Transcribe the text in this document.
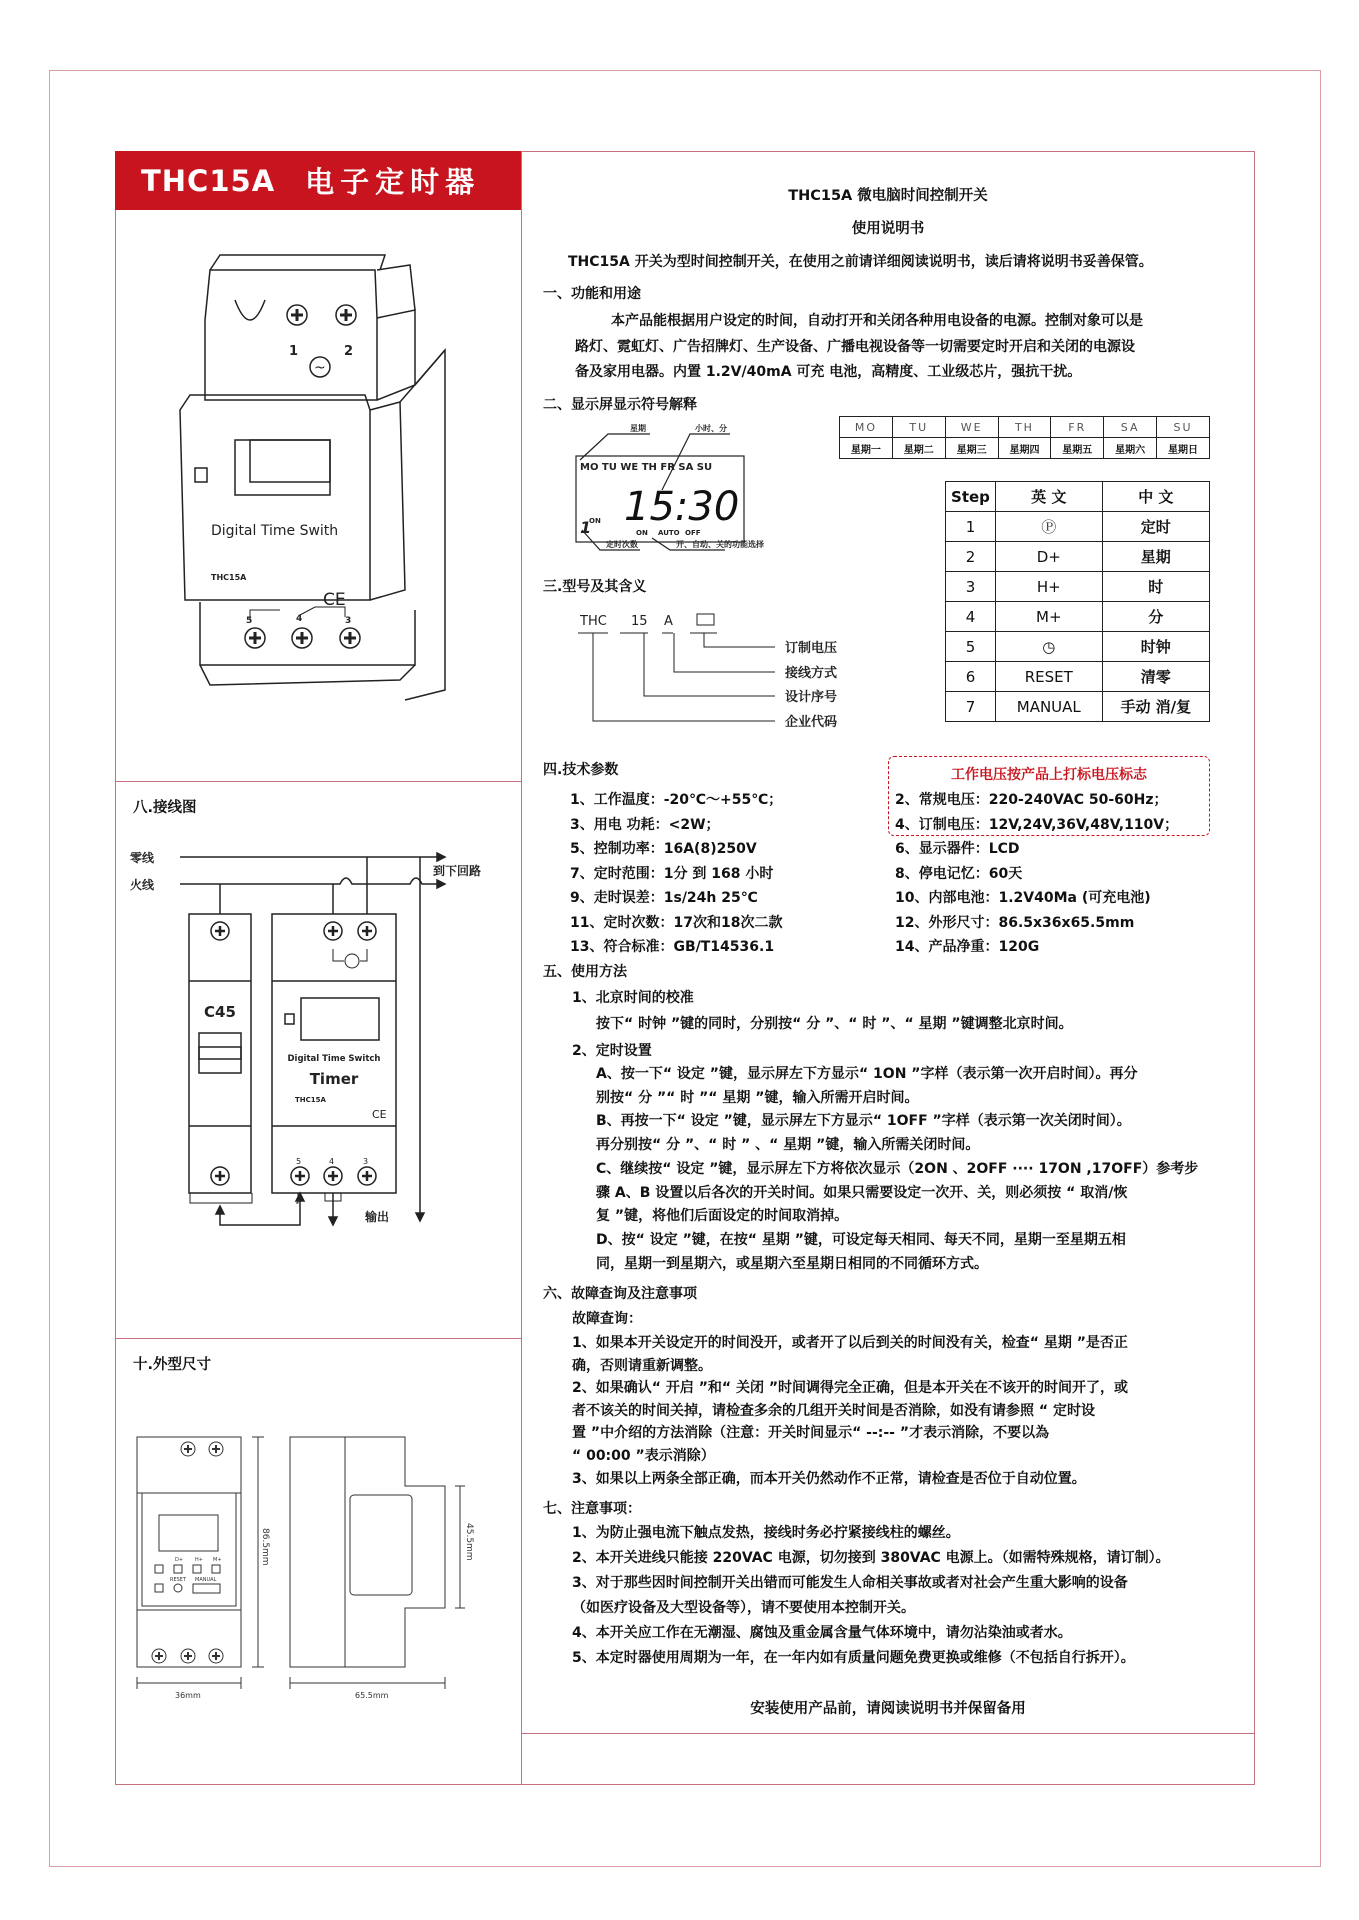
THC15A 电子定时器
Digital Time Swith
THC15A
CE
~
1	2
5	4	3
八.接线图
零线
火线
到下回路
C45
Digital Time Switch
Timer
THC15A
CE
输出
5	4	3
十.外型尺寸
D+ H+ M+
RESET MANUAL
86.5mm
36mm
45.5mm
65.5mm
THC15A 微电脑时间控制开关
使用说明书
THC15A 开关为型时间控制开关，在使用之前请详细阅读说明书，读后请将说明书妥善保管。
一、功能和用途
本产品能根据用户设定的时间，自动打开和关闭各种用电设备的电源。控制对象可以是
路灯、霓虹灯、广告招牌灯、生产设备、广播电视设备等一切需要定时开启和关闭的电源设
备及家用电器。内置 1.2V/40mA 可充 电池，高精度、工业级芯片，强抗干扰。
二、显示屏显示符号解释
MO TU WE TH FR SA SU
15:30
1
ON
ON AUTO OFF
星期	小时、分
定时次数	开、自动、关的功能选择
MO	TU	WE	TH	FR	SA	SU
星期一	星期二	星期三	星期四	星期五	星期六	星期日
Step	英 文	中 文
1	Ⓟ	定时
2	D+	星期
3	H+	时
4	M+	分
5	◷	时钟
6	RESET	清零
7	MANUAL	手动 消/复
三.型号及其含义
THC 15 A
订制电压
接线方式
设计序号
企业代码
四.技术参数	工作电压按产品上打标电压标志
1、工作温度：-20℃～+55℃；
3、用电 功耗：<2W；
5、控制功率：16A(8)250V
7、定时范围：1分 到 168 小时
9、走时误差：1s/24h 25℃
11、定时次数：17次和18次二款
13、符合标准：GB/T14536.1
2、常规电压：220-240VAC 50-60Hz；
4、订制电压：12V,24V,36V,48V,110V；
6、显示器件：LCD
8、停电记忆：60天
10、内部电池：1.2V40Ma (可充电池)
12、外形尺寸：86.5x36x65.5mm
14、产品净重：120G
五、使用方法
1、北京时间的校准
按下“ 时钟 ”键的同时，分别按“ 分 ”、“ 时 ”、“ 星期 ”键调整北京时间。
2、定时设置
A、按一下“ 设定 ”键，显示屏左下方显示“ 1ON ”字样（表示第一次开启时间）。再分
别按“ 分 ”“ 时 ”“ 星期 ”键，输入所需开启时间。
B、再按一下“ 设定 ”键，显示屏左下方显示“ 1OFF ”字样（表示第一次关闭时间）。
再分别按“ 分 ”、“ 时 ” 、“ 星期 ”键，输入所需关闭时间。
C、继续按“ 设定 ”键，显示屏左下方将依次显示（2ON 、2OFF ···· 17ON ,17OFF）参考步
骤 A、B 设置以后各次的开关时间。如果只需要设定一次开、关，则必须按 “ 取消/恢
复 ”键，将他们后面设定的时间取消掉。
D、按“ 设定 ”键，在按“ 星期 ”键，可设定每天相同、每天不同，星期一至星期五相
同，星期一到星期六，或星期六至星期日相同的不同循环方式。
六、故障查询及注意事项
故障查询：
1、如果本开关设定开的时间没开，或者开了以后到关的时间没有关，检查“ 星期 ”是否正
确，否则请重新调整。
2、如果确认“ 开启 ”和“ 关闭 ”时间调得完全正确，但是本开关在不该开的时间开了，或
者不该关的时间关掉，请检查多余的几组开关时间是否消除，如没有请参照 “ 定时设
置 ”中介绍的方法消除（注意：开关时间显示“ --:-- ”才表示消除，不要以為
“ 00:00 ”表示消除）
3、如果以上两条全部正确，而本开关仍然动作不正常，请检查是否位于自动位置。
七、注意事项：
1、为防止强电流下触点发热，接线时务必拧紧接线柱的螺丝。
2、本开关进线只能接 220VAC 电源，切勿接到 380VAC 电源上。（如需特殊规格，请订制）。
3、对于那些因时间控制开关出错而可能发生人命相关事故或者对社会产生重大影响的设备
（如医疗设备及大型设备等），请不要使用本控制开关。
4、本开关应工作在无潮湿、腐蚀及重金属含量气体环境中，请勿沾染油或者水。
5、本定时器使用周期为一年，在一年内如有质量问题免费更换或维修（不包括自行拆开）。
安装使用产品前，请阅读说明书并保留备用
